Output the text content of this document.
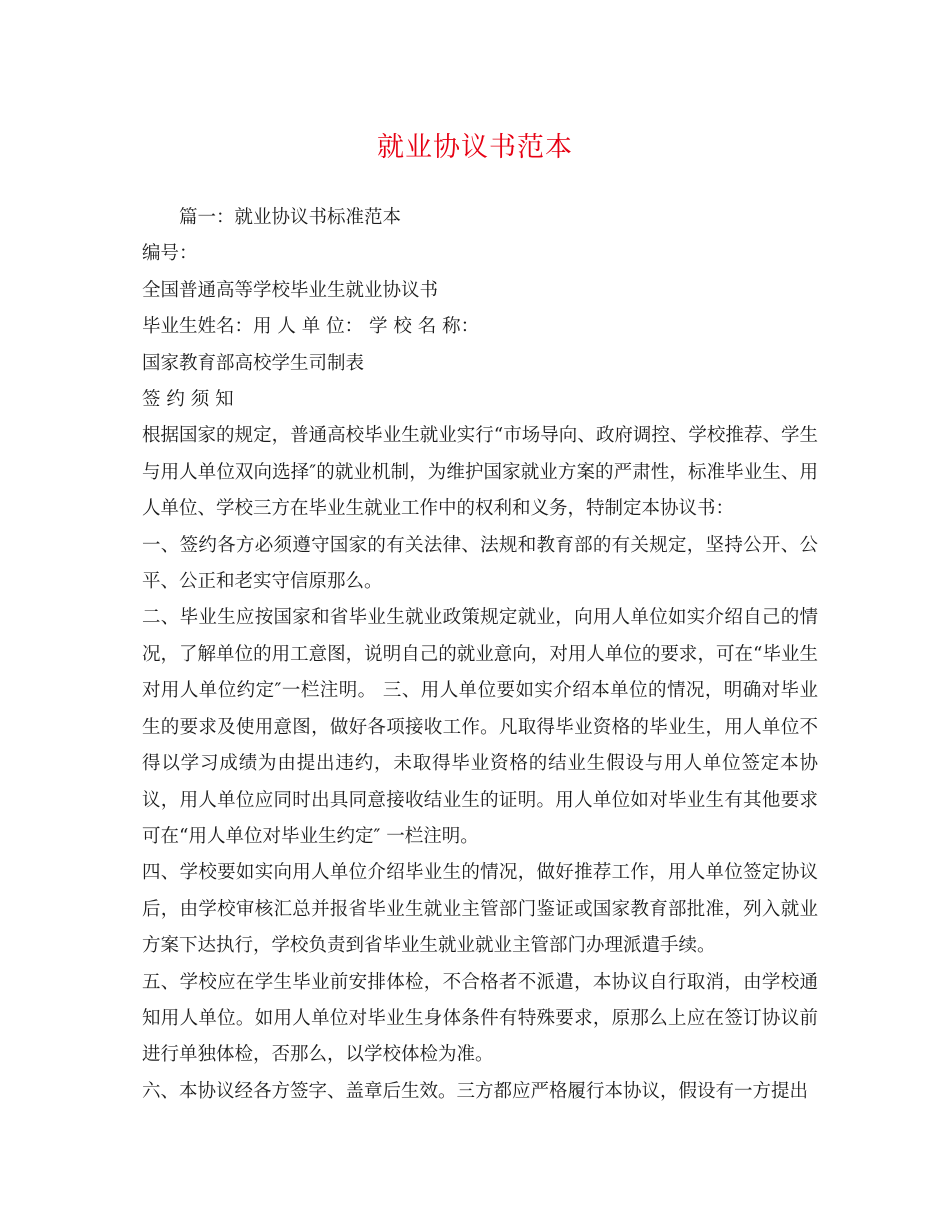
就业协议书范本

篇一：就业协议书标准范本

编号：

全国普通高等学校毕业生就业协议书

毕业生姓名：用 人 单 位： 学 校 名 称：

国家教育部高校学生司制表

签 约 须 知

根据国家的规定，普通高校毕业生就业实行“市场导向、政府调控、学校推荐、学生与用人单位双向选择″的就业机制，为维护国家就业方案的严肃性，标准毕业生、用人单位、学校三方在毕业生就业工作中的权利和义务，特制定本协议书：

一、签约各方必须遵守国家的有关法律、法规和教育部的有关规定，坚持公开、公平、公正和老实守信原那么。

二、毕业生应按国家和省毕业生就业政策规定就业，向用人单位如实介绍自己的情况，了解单位的用工意图，说明自己的就业意向，对用人单位的要求，可在“毕业生对用人单位约定″一栏注明。 三、用人单位要如实介绍本单位的情况，明确对毕业生的要求及使用意图，做好各项接收工作。凡取得毕业资格的毕业生，用人单位不得以学习成绩为由提出违约，未取得毕业资格的结业生假设与用人单位签定本协议，用人单位应同时出具同意接收结业生的证明。用人单位如对毕业生有其他要求可在“用人单位对毕业生约定″ 一栏注明。

四、学校要如实向用人单位介绍毕业生的情况，做好推荐工作，用人单位签定协议后，由学校审核汇总并报省毕业生就业主管部门鉴证或国家教育部批准，列入就业方案下达执行，学校负责到省毕业生就业就业主管部门办理派遣手续。

五、学校应在学生毕业前安排体检，不合格者不派遣，本协议自行取消，由学校通知用人单位。如用人单位对毕业生身体条件有特殊要求，原那么上应在签订协议前进行单独体检，否那么，以学校体检为准。

六、本协议经各方签字、盖章后生效。三方都应严格履行本协议，假设有一方提出
